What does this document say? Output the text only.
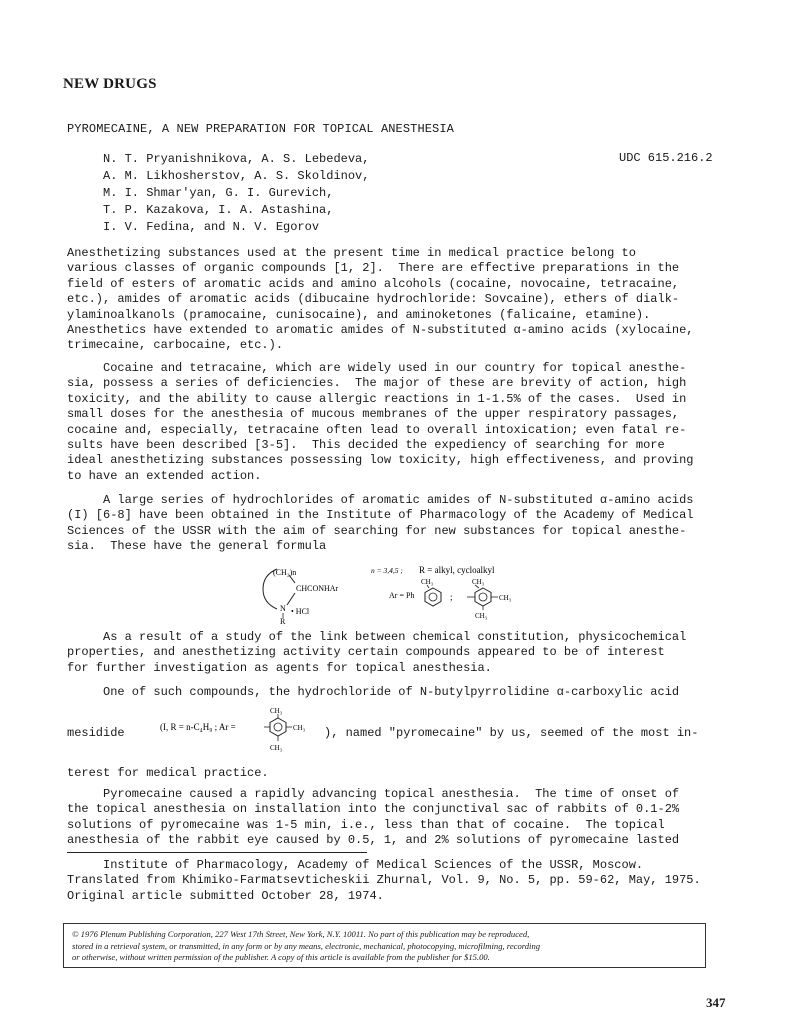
NEW DRUGS
PYROMECAINE, A NEW PREPARATION FOR TOPICAL ANESTHESIA
N. T. Pryanishnikova, A. S. Lebedeva,
A. M. Likhosherstov, A. S. Skoldinov,
M. I. Shmar'yan, G. I. Gurevich,
T. P. Kazakova, I. A. Astashina,
I. V. Fedina, and N. V. Egorov
UDC 615.216.2
Anesthetizing substances used at the present time in medical practice belong to
various classes of organic compounds [1, 2].  There are effective preparations in the
field of esters of aromatic acids and amino alcohols (cocaine, novocaine, tetracaine,
etc.), amides of aromatic acids (dibucaine hydrochloride: Sovcaine), ethers of dialk-
ylaminoalkanols (pramocaine, cunisocaine), and aminoketones (falicaine, etamine).
Anesthetics have extended to aromatic amides of N-substituted α-amino acids (xylocaine,
trimecaine, carbocaine, etc.).
Cocaine and tetracaine, which are widely used in our country for topical anesthe-
sia, possess a series of deficiencies.  The major of these are brevity of action, high
toxicity, and the ability to cause allergic reactions in 1-1.5% of the cases.  Used in
small doses for the anesthesia of mucous membranes of the upper respiratory passages,
cocaine and, especially, tetracaine often lead to overall intoxication; even fatal re-
sults have been described [3-5].  This decided the expediency of searching for more
ideal anesthetizing substances possessing low toxicity, high effectiveness, and proving
to have an extended action.
A large series of hydrochlorides of aromatic amides of N-substituted α-amino acids
(I) [6-8] have been obtained in the Institute of Pharmacology of the Academy of Medical
Sciences of the USSR with the aim of searching for new substances for topical anesthe-
sia.  These have the general formula
(CH₂)n
CHCONHAr
N • HCl
R
n = 3,4,5 ; R = alkyl, cycloalkyl
Ar = Ph
CH₃
;
CH₃
CH₃
CH₃
As a result of a study of the link between chemical constitution, physicochemical
properties, and anesthetizing activity certain compounds appeared to be of interest
for further investigation as agents for topical anesthesia.
One of such compounds, the hydrochloride of N-butylpyrrolidine α-carboxylic acid
mesidide	(I, R = n-C₄H₉ ; Ar =
CH₃
CH₃
CH₃
), named "pyromecaine" by us, seemed of the most in-
terest for medical practice.
Pyromecaine caused a rapidly advancing topical anesthesia.  The time of onset of
the topical anesthesia on installation into the conjunctival sac of rabbits of 0.1-2%
solutions of pyromecaine was 1-5 min, i.e., less than that of cocaine.  The topical
anesthesia of the rabbit eye caused by 0.5, 1, and 2% solutions of pyromecaine lasted
Institute of Pharmacology, Academy of Medical Sciences of the USSR, Moscow.
Translated from Khimiko-Farmatsevticheskii Zhurnal, Vol. 9, No. 5, pp. 59-62, May, 1975.
Original article submitted October 28, 1974.
© 1976 Plenum Publishing Corporation, 227 West 17th Street, New York, N.Y. 10011. No part of this publication may be reproduced,
stored in a retrieval system, or transmitted, in any form or by any means, electronic, mechanical, photocopying, microfilming, recording
or otherwise, without written permission of the publisher. A copy of this article is available from the publisher for $15.00.
347
